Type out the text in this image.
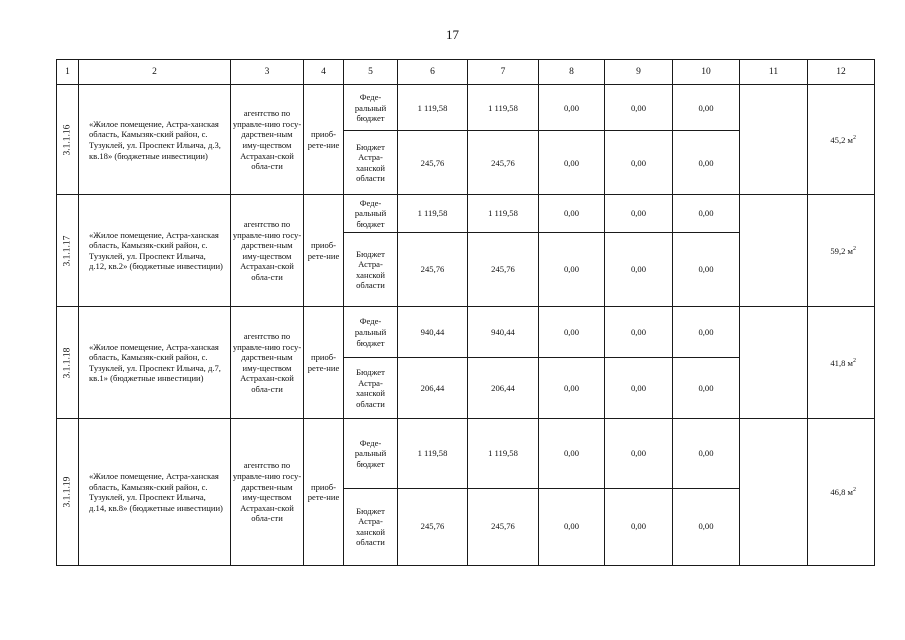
17
1	2	3	4	5	6	7	8	9	10	11	12

3.1.1.16	«Жилое помещение, Астра-ханская область, Камызяк-ский район, с. Тузуклей, ул. Проспект Ильича, д.3, кв.18» (бюджетные инвестиции)	агентство по управле-нию госу-дарствен-ным иму-ществом Астрахан-ской обла-сти	приоб-рете-ние	Феде-ральный бюджет	1 119,58	1 119,58	0,00	0,00	0,00		45,2 $м^2$
				Бюджет Астра-ханской области	245,76	245,76	0,00	0,00	0,00		

3.1.1.17	«Жилое помещение, Астра-ханская область, Камызяк-ский район, с. Тузуклей, ул. Проспект Ильича, д.12, кв.2» (бюджетные инвестиции)	агентство по управле-нию госу-дарствен-ным иму-ществом Астрахан-ской обла-сти	приоб-рете-ние	Феде-ральный бюджет	1 119,58	1 119,58	0,00	0,00	0,00		59,2 $м^2$
				Бюджет Астра-ханской области	245,76	245,76	0,00	0,00	0,00		

3.1.1.18	«Жилое помещение, Астра-ханская область, Камызяк-ский район, с. Тузуклей, ул. Проспект Ильича, д.7, кв.1» (бюджетные инвестиции)	агентство по управле-нию госу-дарствен-ным иму-ществом Астрахан-ской обла-сти	приоб-рете-ние	Феде-ральный бюджет	940,44	940,44	0,00	0,00	0,00		41,8 $м^2$
				Бюджет Астра-ханской области	206,44	206,44	0,00	0,00	0,00		

3.1.1.19	«Жилое помещение, Астра-ханская область, Камызяк-ский район, с. Тузуклей, ул. Проспект Ильича, д.14, кв.8» (бюджетные инвестиции)	агентство по управле-нию госу-дарствен-ным иму-ществом Астрахан-ской обла-сти	приоб-рете-ние	Феде-ральный бюджет	1 119,58	1 119,58	0,00	0,00	0,00		46,8 $м^2$
				Бюджет Астра-ханской области	245,76	245,76	0,00	0,00	0,00		
